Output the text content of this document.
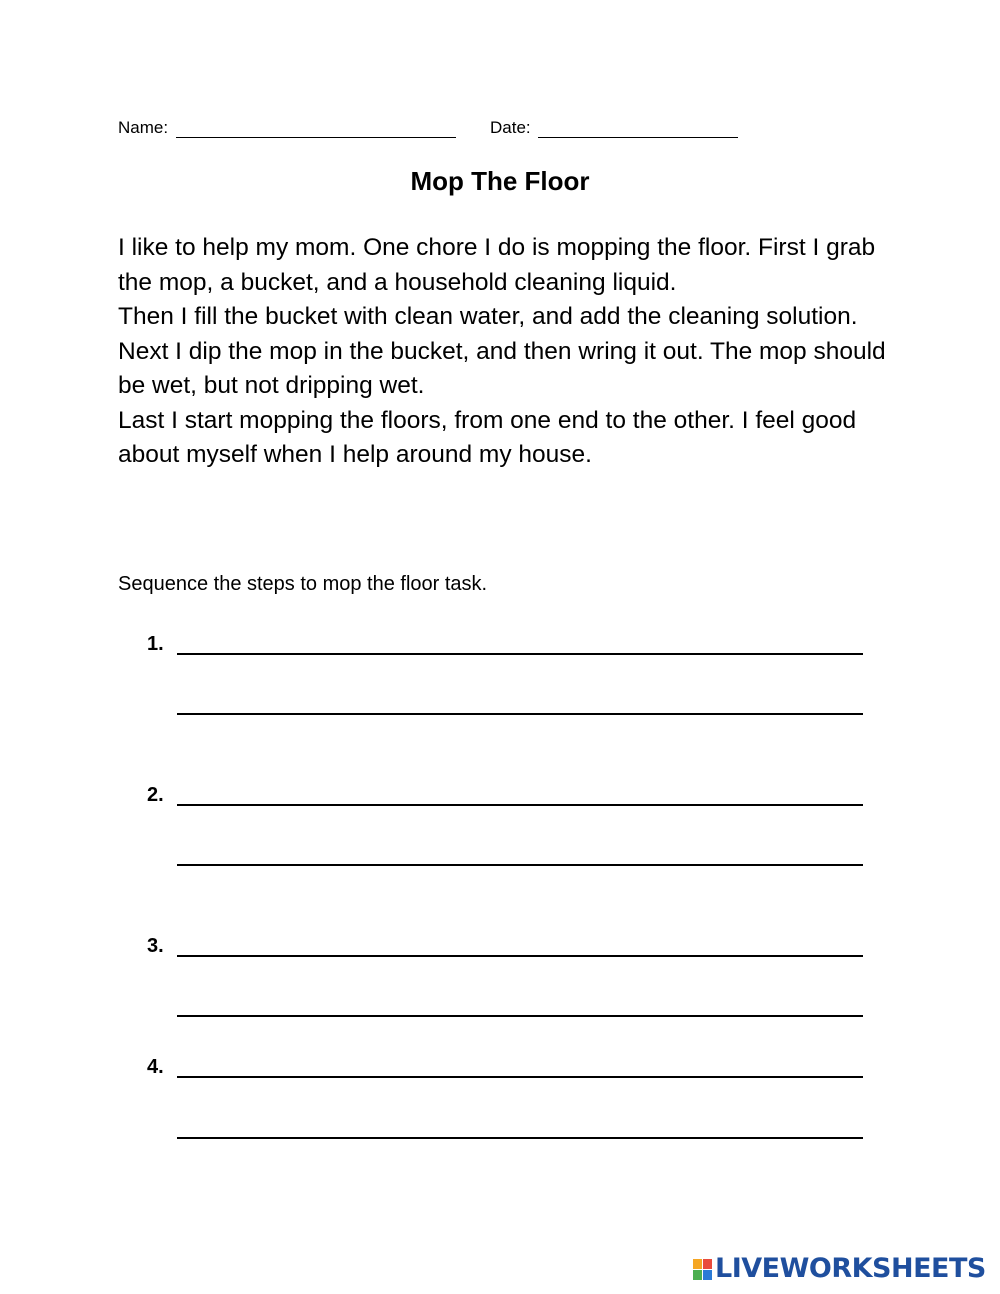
Name:	Date:
Mop The Floor

I like to help my mom. One chore I do is mopping the floor. First I grab the mop, a bucket, and a household cleaning liquid.

Then I fill the bucket with clean water, and add the cleaning solution.

Next I dip the mop in the bucket, and then wring it out. The mop should be wet, but not dripping wet.

Last I start mopping the floors, from one end to the other. I feel good about myself when I help around my house.

Sequence the steps to mop the floor task.
1.
2.
3.
4.
LIVEWORKSHEETS
